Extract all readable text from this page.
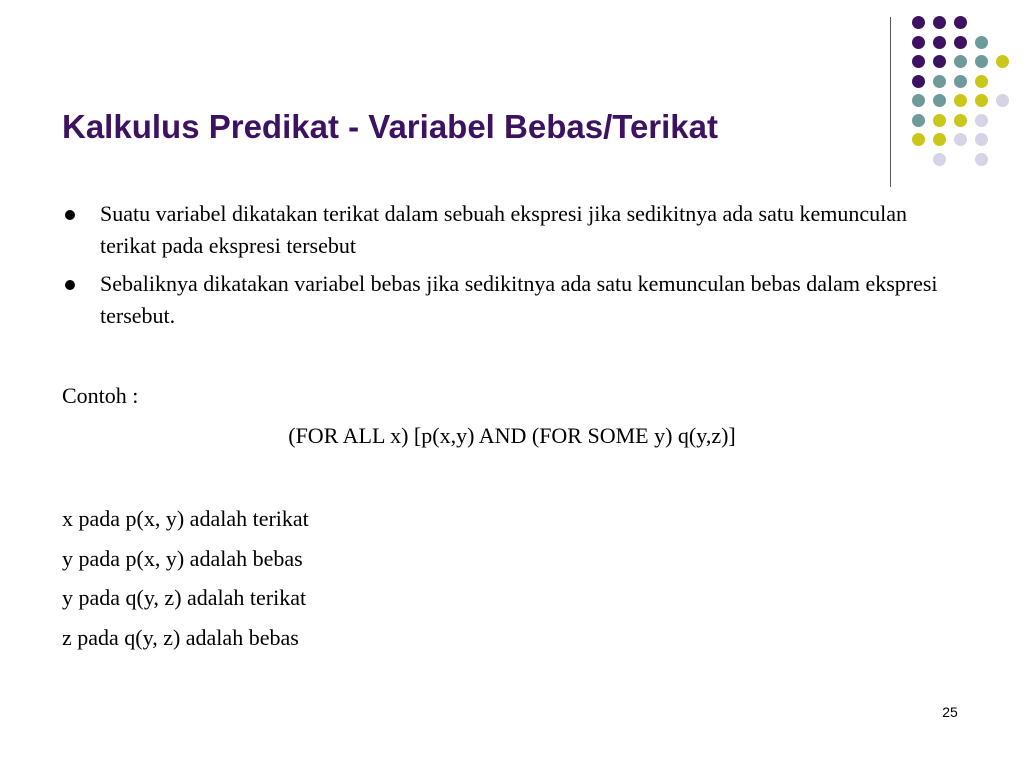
Kalkulus Predikat - Variabel Bebas/Terikat
Suatu variabel dikatakan terikat dalam sebuah ekspresi jika sedikitnya ada satu kemunculan terikat pada ekspresi tersebut
Sebaliknya dikatakan variabel bebas jika sedikitnya ada satu kemunculan bebas dalam ekspresi tersebut.
Contoh :
(FOR ALL x) [p(x,y) AND (FOR SOME y) q(y,z)]
x pada p(x, y) adalah terikat
y pada p(x, y) adalah bebas
y pada q(y, z) adalah terikat
z pada q(y, z) adalah bebas
25
